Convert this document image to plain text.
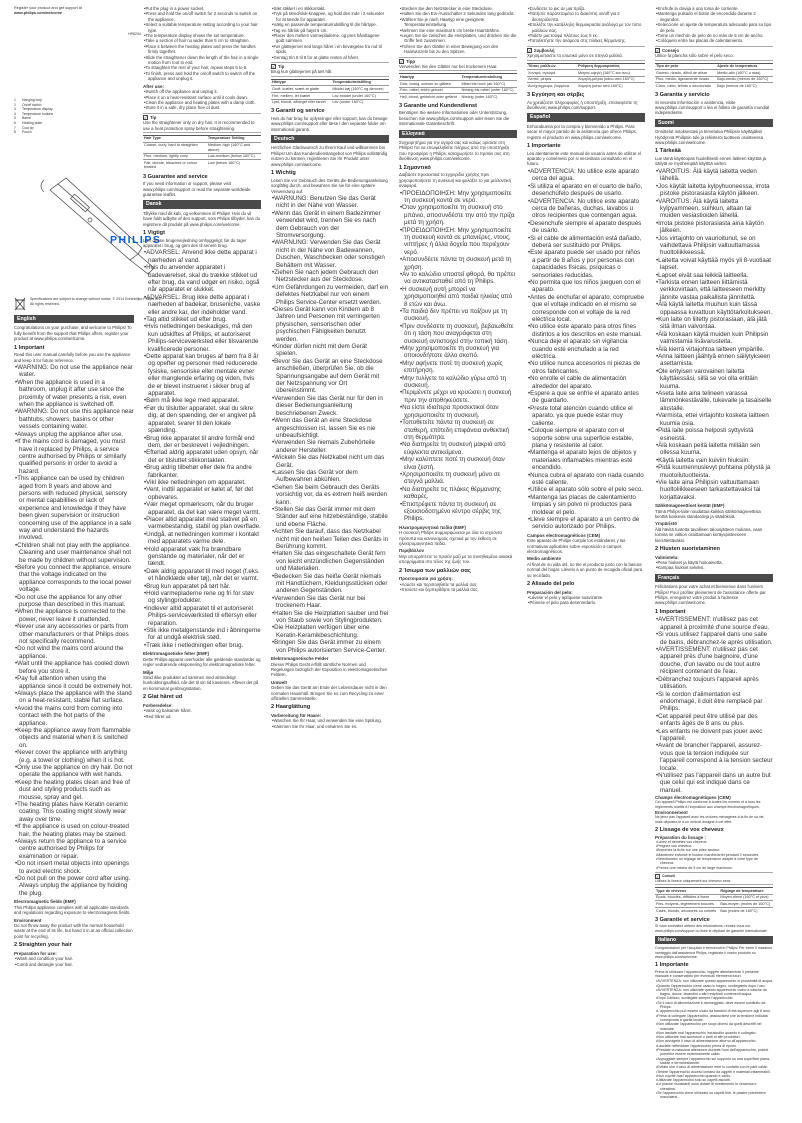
Register your product and get support at
www.philips.com/welcome
HP8234
1	Hanging loop
2	On/off switch
3	Temperature display
4	Temperature buttons
5	Barrel
6	Heating plate
7	Cool tip
8	Pouch
PHILIPS
Specifications are subject to change without notice. © 2014 Koninklijke Philips N.V. All rights reserved.
English
Congratulations on your purchase, and welcome to Philips! To fully benefit from the support that Philips offers, register your product at www.philips.com/welcome.
1 Important
Read this user manual carefully before you use the appliance and keep it for future reference.
• WARNING: Do not use the appliance near water.
• When the appliance is used in a bathroom, unplug it after use since the proximity of water presents a risk, even when the appliance is switched off.
• WARNING: Do not use this appliance near bathtubs, showers, basins or other vessels containing water.
• Always unplug the appliance after use.
• If the mains cord is damaged, you must have it replaced by Philips, a service centre authorised by Philips or similarly qualified persons in order to avoid a hazard.
• This appliance can be used by children aged from 8 years and above and persons with reduced physical, sensory or mental capabilities or lack of experience and knowledge if they have been given supervision or instruction concerning use of the appliance in a safe way and understand the hazards involved.
• Children shall not play with the appliance. Cleaning and user maintenance shall not be made by children without supervision.
• Before you connect the appliance, ensure that the voltage indicated on the appliance corresponds to the local power voltage.
• Do not use the appliance for any other purpose than described in this manual.
• When the appliance is connected to the power, never leave it unattended.
• Never use any accessories or parts from other manufacturers or that Philips does not specifically recommend.
• Do not wind the mains cord around the appliance.
• Wait until the appliance has cooled down before you store it.
• Pay full attention when using the appliance since it could be extremely hot.
• Always place the appliance with the stand on a heat-resistant, stable flat surface.
• Avoid the mains cord from coming into contact with the hot parts of the appliance.
• Keep the appliance away from flammable objects and material when it is switched on.
• Never cover the appliance with anything (e.g. a towel or clothing) when it is hot.
• Only use the appliance on dry hair. Do not operate the appliance with wet hands.
• Keep the heating plates clean and free of dust and styling products such as mousse, spray and gel.
• The heating plates have Keratin ceramic coating. This coating might slowly wear away over time.
• If the appliance is used on colour-treated hair, the heating plates may be stained.
• Always return the appliance to a service centre authorised by Philips for examination or repair.
• Do not insert metal objects into openings to avoid electric shock.
• Do not pull on the power cord after using. Always unplug the appliance by holding the plug.
Electromagnetic fields (EMF)
This Philips appliance complies with all applicable standards and regulations regarding exposure to electromagnetic fields.
Environment
Do not throw away the product with the normal household waste at the end of its life, but hand it in at an official collection point for recycling.
2 Straighten your hair
Preparation for use:
• Wash and condition your hair.
• Comb and detangle your hair.
• Put the plug in a power socket.
• Press and hold the on/off switch for 2 seconds to switch on the appliance.
• Select a suitable temperature setting according to your hair type.
• The temperature display shows the set temperature.
• Take a section of hair no wider than 5 cm to straighten.
• Place it between the heating plates and press the handles firmly together.
• Slide the straightener down the length of the hair in a single motion from root to end.
• To straighten the rest of your hair, repeat steps 5 to 8.
• To finish, press and hold the on/off switch to switch off the appliance and unplug it.
After use:
• Switch off the appliance and unplug it.
• Place it on a heat-resistant surface until it cools down.
• Clean the appliance and heating plates with a damp cloth.
• Store it in a safe, dry place free of dust.
✓ Tip
Use the straightener only on dry hair. It is recommended to use a heat protection spray before straightening.
Hair Type	Temperature Setting
Coarse, curly, hard to straighten	Medium-high (160°C and above)
Fine, medium, lightly curly	Low-medium (below 160°C)
Fair, blonde, bleached or colour treated	Low (below 160°C)
3 Guarantee and service
If you need information or support, please visit www.philips.com/support or read the separate worldwide guarantee leaflet.
Dansk
Tillykke med dit køb, og velkommen til Philips! Hvis du vil have fuldt udbytte af den support, som Philips tilbyder, kan du registrere dit produkt på www.philips.com/welcome.
1 Vigtigt
Læs denne brugervejledning omhyggeligt, før du tager apparatet i brug, og gem den til senere brug.
• ADVARSEL: Anvend ikke dette apparat i nærheden af vand.
• Hvis du anvender apparatet i badeværelset, skal du trække stikket ud efter brug, da vand udgør en risiko, også når apparatet er slukket.
• ADVARSEL: Brug ikke dette apparat i nærheden af badekar, bruseniche, vaske eller andre kar, der indeholder vand.
• Tag altid stikket ud efter brug.
• Hvis netledningen beskadiges, må den kun udskiftes af Philips, et autoriseret Philips-serviceværksted eller tilsvarende kvalificerede personer.
• Dette apparat kan bruges af børn fra 8 år og opefter og personer med reducerede fysiske, sensoriske eller mentale evner eller manglende erfaring og viden, hvis de er blevet instrueret i sikker brug af apparatet.
• Børn må ikke lege med apparatet.
• Før du tilslutter apparatet, skal du sikre dig, at den spænding, der er angivet på apparatet, svarer til den lokale spænding.
• Brug ikke apparatet til andre formål end dem, der er beskrevet i vejledningen.
• Efterlad aldrig apparatet uden opsyn, når det er tilsluttet stikkontakten.
• Brug aldrig tilbehør eller dele fra andre fabrikanter.
• Vikl ikke netledningen om apparatet.
• Vent, indtil apparatet er kølet af, før det opbevares.
• Vær meget opmærksom, når du bruger apparatet, da det kan være meget varmt.
• Placer altid apparatet med stativet på en varmebestandig, stabil og plan overflade.
• Undgå, at netledningen kommer i kontakt med apparatets varme dele.
• Hold apparatet væk fra brændbare genstande og materialer, når det er tændt.
• Dæk aldrig apparatet til med noget (f.eks. et håndklæde eller tøj), når det er varmt.
• Brug kun apparatet på tørt hår.
• Hold varmepladerne rene og fri for støv og stylingprodukter.
• Indlever altid apparatet til et autoriseret Philips-serviceværksted til eftersyn eller reparation.
• Stik ikke metalgenstande ind i åbningerne for at undgå elektrisk stød.
• Træk ikke i netledningen efter brug.
Elektromagnetiske felter (EMF)
Dette Philips-apparat overholder alle gældende standarder og regler vedrørende eksponering for elektromagnetiske felter.
Miljø
Smid ikke produktet ud sammen med almindeligt husholdningsaffald, når det til sin tid kasseres. Aflever det på en kommunal genbrugsstation.
2 Glat håret ud
Forberedelse:
• Vask og balsamér håret.
• Red håret ud.
• Sæt stikket i en stikkontakt.
• Tryk på tænd/sluk-knappen, og hold den inde i 2 sekunder for at tænde for apparatet.
• Vælg en passende temperaturindstilling til din hårtype.
• Tag en hårlok på højst 5 cm.
• Placer den mellem varmepladerne, og pres håndtagene godt sammen.
• Før glattejernet ned langs håret i én bevægelse fra rod til spids.
• Gentag trin 5 til 8 for at glatte resten af håret.
✓ Tip
Brug kun glattejernet på tørt hår.
Hårtype	Temperaturindstilling
Groft, krøllet, svært at glatte	Middel-høj (160°C og derover)
Fint, mellem, let krøllet	Lav-middel (under 160°C)
Lyst, blondt, afbleget eller farvet	Lav (under 160°C)
3 Garanti og service
Hvis du har brug for oplysninger eller support, kan du besøge www.philips.com/support eller læse i den separate folder om international garanti.
Deutsch
Herzlichen Glückwunsch zu Ihrem Kauf und willkommen bei Philips! Um das Kundendienstangebot von Philips vollständig nutzen zu können, registrieren Sie Ihr Produkt unter www.philips.com/welcome.
1 Wichtig
Lesen Sie vor Gebrauch des Geräts die Bedienungsanleitung sorgfältig durch, und bewahren Sie sie für eine spätere Verwendung auf.
• WARNUNG: Benutzen Sie das Gerät nicht in der Nähe von Wasser.
• Wenn das Gerät in einem Badezimmer verwendet wird, trennen Sie es nach dem Gebrauch von der Stromversorgung.
• WARNUNG: Verwenden Sie das Gerät nicht in der Nähe von Badewannen, Duschen, Waschbecken oder sonstigen Behältern mit Wasser.
• Ziehen Sie nach jedem Gebrauch den Netzstecker aus der Steckdose.
• Um Gefährdungen zu vermeiden, darf ein defektes Netzkabel nur von einem Philips Service-Center ersetzt werden.
• Dieses Gerät kann von Kindern ab 8 Jahren und Personen mit verringerten physischen, sensorischen oder psychischen Fähigkeiten benutzt werden.
• Kinder dürfen nicht mit dem Gerät spielen.
• Bevor Sie das Gerät an eine Steckdose anschließen, überprüfen Sie, ob die Spannungsangabe auf dem Gerät mit der Netzspannung vor Ort übereinstimmt.
• Verwenden Sie das Gerät nur für den in dieser Bedienungsanleitung beschriebenen Zweck.
• Wenn das Gerät an eine Steckdose angeschlossen ist, lassen Sie es nie unbeaufsichtigt.
• Verwenden Sie niemals Zubehörteile anderer Hersteller.
• Wickeln Sie das Netzkabel nicht um das Gerät.
• Lassen Sie das Gerät vor dem Aufbewahren abkühlen.
• Gehen Sie beim Gebrauch des Geräts vorsichtig vor, da es extrem heiß werden kann.
• Stellen Sie das Gerät immer mit dem Ständer auf eine hitzebeständige, stabile und ebene Fläche.
• Achten Sie darauf, dass das Netzkabel nicht mit den heißen Teilen des Geräts in Berührung kommt.
• Halten Sie das eingeschaltete Gerät fern von leicht entzündlichen Gegenständen und Materialien.
• Bedecken Sie das heiße Gerät niemals mit Handtüchern, Kleidungsstücken oder anderen Gegenständen.
• Verwenden Sie das Gerät nur bei trockenem Haar.
• Halten Sie die Heizplatten sauber und frei von Staub sowie von Stylingprodukten.
• Die Heizplatten verfügen über eine Keratin-Keramikbeschichtung.
• Bringen Sie das Gerät immer zu einem von Philips autorisierten Service-Center.
Elektromagnetische Felder
Dieses Philips Gerät erfüllt sämtliche Normen und Regelungen bezüglich der Exposition in elektromagnetischen Feldern.
Umwelt
Geben Sie das Gerät am Ende der Lebensdauer nicht in den normalen Hausmüll. Bringen Sie es zum Recycling zu einer offiziellen Sammelstelle.
2 Haarglättung
Vorbereitung für Haare:
• Waschen Sie Ihr Haar, und verwenden Sie eine Spülung.
• Kämmen Sie Ihr Haar, und entwirren Sie es.
• Stecken Sie den Netzstecker in eine Steckdose.
• Halten Sie den Ein-/Ausschalter 2 Sekunden lang gedrückt.
• Wählen Sie je nach Haartyp eine geeignete Temperatureinstellung.
• Nehmen Sie eine maximal 5 cm breite Haarsträhne.
• Legen Sie sie zwischen die Heizplatten, und drücken Sie die Griffe fest zusammen.
• Führen Sie den Glätter in einer Bewegung von den Haarwurzeln bis zu den Spitzen.
✓ Tipp
Verwenden Sie den Glätter nur bei trockenem Haar.
Haartyp	Temperatureinstellung
Dick, lockig, schwer zu glätten	Mittel bis hoch (ab 160°C)
Fein, mittel, leicht gelockt	Niedrig bis mittel (unter 160°C)
Hell, blond, gebleicht oder gefärbt	Niedrig (unter 160°C)
3 Garantie und Kundendienst
Benötigen Sie weitere Informationen oder Unterstützung, besuchen Sie www.philips.com/support oder lesen Sie die internationale Garantieschrift.
Ελληνικά
Συγχαρητήρια για την αγορά σας και καλώς ορίσατε στη Philips! Για να επωφεληθείτε πλήρως από την υποστήριξη που προσφέρει η Philips, καταχωρήστε το προϊόν σας στη διεύθυνση www.philips.com/welcome.
1 Σημαντικό
Διαβάστε προσεκτικά το εγχειρίδιο χρήσης πριν χρησιμοποιήσετε τη συσκευή και φυλάξτε το για μελλοντική αναφορά.
• ΠΡΟΕΙΔΟΠΟΙΗΣΗ: Μην χρησιμοποιείτε τη συσκευή κοντά σε νερό.
• Όταν χρησιμοποιείτε τη συσκευή στο μπάνιο, αποσυνδέστε την από την πρίζα μετά τη χρήση.
• ΠΡΟΕΙΔΟΠΟΙΗΣΗ: Μην χρησιμοποιείτε τη συσκευή κοντά σε μπανιέρες, ντους, νιπτήρες ή άλλα δοχεία που περιέχουν νερό.
• Αποσυνδέετε πάντα τη συσκευή μετά τη χρήση.
• Αν το καλώδιο υποστεί φθορά, θα πρέπει να αντικατασταθεί από τη Philips.
• Η συσκευή αυτή μπορεί να χρησιμοποιηθεί από παιδιά ηλικίας από 8 ετών και άνω.
• Τα παιδιά δεν πρέπει να παίζουν με τη συσκευή.
• Πριν συνδέσετε τη συσκευή, βεβαιωθείτε ότι η τάση που αναγράφεται στη συσκευή αντιστοιχεί στην τοπική τάση.
• Μην χρησιμοποιείτε τη συσκευή για οποιονδήποτε άλλο σκοπό.
• Μην αφήνετε ποτέ τη συσκευή χωρίς επιτήρηση.
• Μην τυλίγετε το καλώδιο γύρω από τη συσκευή.
• Περιμένετε μέχρι να κρυώσει η συσκευή πριν την αποθηκεύσετε.
• Να είστε ιδιαίτερα προσεκτικοί όταν χρησιμοποιείτε τη συσκευή.
• Τοποθετείτε πάντα τη συσκευή σε σταθερή, επίπεδη επιφάνεια ανθεκτική στη θερμότητα.
• Να διατηρείτε τη συσκευή μακριά από εύφλεκτα αντικείμενα.
• Μην καλύπτετε ποτέ τη συσκευή όταν είναι ζεστή.
• Χρησιμοποιείτε τη συσκευή μόνο σε στεγνά μαλλιά.
• Να διατηρείτε τις πλάκες θέρμανσης καθαρές.
• Επιστρέφετε πάντα τη συσκευή σε εξουσιοδοτημένο κέντρο σέρβις της Philips.
Ηλεκτρομαγνητικά πεδία (EMF)
Η συσκευή Philips συμμορφώνεται με όλα τα ισχύοντα πρότυπα και κανονισμούς σχετικά με την έκθεση σε ηλεκτρομαγνητικά πεδία.
Περιβάλλον
Μην απορρίπτετε το προϊόν μαζί με τα συνηθισμένα οικιακά απορρίμματα στο τέλος της ζωής του.
2 Ίσιωμα των μαλλιών σας
Προετοιμασία για χρήση:
• Λούστε και περιποιηθείτε τα μαλλιά σας.
• Χτενίστε και ξεμπερδέψτε τα μαλλιά σας.
• Συνδέστε το φις σε μια πρίζα.
• Πατήστε παρατεταμένα το διακόπτη on/off για 2 δευτερόλεπτα.
• Επιλέξτε την κατάλληλη θερμοκρασία ανάλογα με τον τύπο μαλλιών σας.
• Πιάστε μια τούφα πλάτους έως 5 εκ.
• Τοποθετήστε την ανάμεσα στις πλάκες θέρμανσης.
✓ Συμβουλή
Χρησιμοποιείτε το ισιωτικό μόνο σε στεγνά μαλλιά.
Τύπος μαλλιών	Ρύθμιση θερμοκρασίας
Χοντρά, σγουρά	Μέτρια-υψηλή (160°C και άνω)
Λεπτά, μέτρια	Χαμηλή-μέτρια (κάτω από 160°C)
Ανοιχτόχρωμα, βαμμένα	Χαμηλή (κάτω από 160°C)
3 Εγγύηση και σέρβις
Αν χρειάζεστε πληροφορίες ή υποστήριξη, επισκεφτείτε τη διεύθυνση www.philips.com/support.
Español
Enhorabuena por la compra y bienvenido a Philips. Para sacar el mayor partido de la asistencia que ofrece Philips, registre el producto en www.philips.com/welcome.
1 Importante
Lea atentamente este manual de usuario antes de utilizar el aparato y consérvelo por si necesitara consultarlo en el futuro.
• ADVERTENCIA: No utilice este aparato cerca del agua.
• Si utiliza el aparato en el cuarto de baño, desenchúfelo después de usarlo.
• ADVERTENCIA: No utilice este aparato cerca de bañeras, duchas, lavabos u otros recipientes que contengan agua.
• Desenchufe siempre el aparato después de usarlo.
• Si el cable de alimentación está dañado, deberá ser sustituido por Philips.
• Este aparato puede ser usado por niños a partir de 8 años y por personas con capacidades físicas, psíquicas o sensoriales reducidas.
• No permita que los niños jueguen con el aparato.
• Antes de enchufar el aparato, compruebe que el voltaje indicado en el mismo se corresponde con el voltaje de la red eléctrica local.
• No utilice este aparato para otros fines distintos a los descritos en este manual.
• Nunca deje el aparato sin vigilancia cuando esté enchufado a la red eléctrica.
• No utilice nunca accesorios ni piezas de otros fabricantes.
• No enrolle el cable de alimentación alrededor del aparato.
• Espere a que se enfríe el aparato antes de guardarlo.
• Preste total atención cuando utilice el aparato, ya que puede estar muy caliente.
• Coloque siempre el aparato con el soporte sobre una superficie estable, plana y resistente al calor.
• Mantenga el aparato lejos de objetos y materiales inflamables mientras esté encendido.
• Nunca cubra el aparato con nada cuando esté caliente.
• Utilice el aparato sólo sobre el pelo seco.
• Mantenga las placas de calentamiento limpias y sin polvo ni productos para moldear el pelo.
• Lleve siempre el aparato a un centro de servicio autorizado por Philips.
Campos electromagnéticos (CEM)
Este aparato de Philips cumple los estándares y las normativas aplicables sobre exposición a campos electromagnéticos.
Medio ambiente
Al final de su vida útil, no tire el producto junto con la basura normal del hogar. Llévelo a un punto de recogida oficial para su reciclado.
2 Alisado del pelo
Preparación del pelo:
• Lávese el pelo y aplíquese suavizante.
• Péinese el pelo para desenredarlo.
• Enchufe la clavija a una toma de corriente.
• Mantenga pulsado el botón de encendido durante 2 segundos.
• Seleccione un ajuste de temperatura adecuado para su tipo de pelo.
• Tome un mechón de pelo de no más de 5 cm de ancho.
• Colóquelo entre las placas de calentamiento.
✓ Consejo
Utilice la plancha sólo sobre el pelo seco.
Tipo de pelo	Ajuste de temperatura
Grueso, rizado, difícil de alisar	Medio-alto (160°C o más)
Fino, medio, ligeramente rizado	Bajo-medio (menos de 160°C)
Claro, rubio, teñido o decolorado	Bajo (menos de 160°C)
3 Garantía y servicio
Si necesita información o asistencia, visite www.philips.com/support o lea el folleto de garantía mundial independiente.
Suomi
Onnittelut ostoksestasi ja tervetuloa Philipsin käyttäjäksi! Hyödynnä Philipsin tuki ja rekisteröi tuotteesi osoitteessa www.philips.com/welcome.
1 Tärkeää
Lue tämä käyttöopas huolellisesti ennen laitteen käyttöä ja säilytä se myöhempää käyttöä varten.
• VAROITUS: Älä käytä laitetta veden lähellä.
• Jos käytät laitetta kylpyhuoneessa, irrota pistoke pistorasiasta käytön jälkeen.
• VAROITUS: Älä käytä laitetta kylpyammeen, suihkun, altaan tai muiden vesiastioiden lähellä.
• Irrota pistoke pistorasiasta aina käytön jälkeen.
• Jos virtajohto on vaurioitunut, se on vaihdettava Philipsin valtuuttamassa huoltoliikkeessä.
• Laitetta voivat käyttää myös yli 8-vuotiaat lapset.
• Lapset eivät saa leikkiä laitteella.
• Tarkista ennen laitteen liittämistä verkkovirtaan, että laitteeseen merkitty jännite vastaa paikallista jännitettä.
• Älä käytä laitetta muuhun kuin tässä oppaassa kuvattuun käyttötarkoitukseen.
• Kun laite on liitetty pistorasiaan, älä jätä sitä ilman valvontaa.
• Älä koskaan käytä muiden kuin Philipsin valmistamia lisävarusteita.
• Älä kierrä virtajohtoa laitteen ympärille.
• Anna laitteen jäähtyä ennen säilytykseen asettamista.
• Ole erityisen varovainen laitetta käyttäessäsi, sillä se voi olla erittäin kuuma.
• Aseta laite aina telineen varassa lämmönkestävälle, tukevalle ja tasaiselle alustalle.
• Varmista, ettei virtajohto kosketa laitteen kuumia osia.
• Pidä laite poissa helposti syttyvistä esineistä.
• Älä koskaan peitä laitetta millään sen ollessa kuuma.
• Käytä laitetta vain kuiviin hiuksiin.
• Pidä kuumennuslevyt puhtaina pölystä ja muotoilutuotteista.
• Vie laite aina Philipsin valtuuttamaan huoltoliikkeeseen tarkastettavaksi tai korjattavaksi.
Sähkömagneettiset kentät (EMF)
Tämä Philips-laite noudattaa kaikkia sähkömagneettisia kenttiä koskevia standardeja ja säädöksiä.
Ympäristö
Älä hävitä tuotetta tavallisen talousjätteen mukana, vaan toimita se valtion osoittamaan keräyspisteeseen kierrätettäväksi.
2 Hiusten suoristaminen
Valmistelu:
• Pese hiukset ja käytä hoitoainetta.
• Kampaa hiukset selviksi.
Français
Félicitations pour votre achat et bienvenue dans l'univers Philips! Pour profiter pleinement de l'assistance offerte par Philips, enregistrez votre produit à l'adresse www.philips.com/welcome.
1 Important
• AVERTISSEMENT: n'utilisez pas cet appareil à proximité d'une source d'eau.
• Si vous utilisez l'appareil dans une salle de bains, débranchez-le après utilisation.
• AVERTISSEMENT: n'utilisez pas cet appareil près d'une baignoire, d'une douche, d'un lavabo ou de tout autre récipient contenant de l'eau.
• Débranchez toujours l'appareil après utilisation.
• Si le cordon d'alimentation est endommagé, il doit être remplacé par Philips.
• Cet appareil peut être utilisé par des enfants âgés de 8 ans ou plus.
• Les enfants ne doivent pas jouer avec l'appareil.
• Avant de brancher l'appareil, assurez-vous que la tension indiquée sur l'appareil correspond à la tension secteur locale.
• N'utilisez pas l'appareil dans un autre but que celui qui est indiqué dans ce manuel.
Champs électromagnétiques (CEM)
Cet appareil Philips est conforme à toutes les normes et à tous les règlements relatifs à l'exposition aux champs électromagnétiques.
Environnement
Ne jetez pas l'appareil avec les ordures ménagères à la fin de sa vie, mais déposez-le à un endroit assigné à cet effet.
2 Lissage de vos cheveux
Préparation du lissage :
• Lavez et démêlez vos cheveux.
• Peignez vos cheveux.
• Branchez la fiche sur une prise secteur.
• Maintenez enfoncé le bouton marche/arrêt pendant 2 secondes.
• Sélectionnez un réglage de température adapté à votre type de cheveux.
• Prenez une mèche de 5 cm de large maximum.
✓ Conseil
Utilisez le lisseur uniquement sur cheveux secs.
Type de cheveux	Réglage de température
Épais, bouclés, difficiles à lisser	Moyen-élevé (160°C et plus)
Fins, moyens, légèrement bouclés	Bas-moyen (moins de 160°C)
Clairs, blonds, décolorés ou colorés	Bas (moins de 160°C)
3 Garantie et service
Si vous souhaitez obtenir des informations, rendez-vous sur www.philips.com/support ou lisez le dépliant de garantie internationale.
Italiano
Congratulazioni per l'acquisto e benvenuti in Philips! Per trarre il massimo vantaggio dall'assistenza Philips, registrate il vostro prodotto su www.philips.com/welcome.
1 Importante
Prima di utilizzare l'apparecchio, leggete attentamente il presente manuale e conservatelo per eventuali riferimenti futuri.
• AVVERTENZA: non utilizzate questo apparecchio in prossimità di acqua.
• Quando l'apparecchio viene usato in bagno, scollegatelo dopo l'uso.
• AVVERTENZA: non utilizzate questo apparecchio vicino a vasche da bagno, docce, lavandini o altri recipienti contenenti acqua.
• Dopo l'utilizzo, scollegate sempre l'apparecchio.
• Se il cavo di alimentazione è danneggiato, deve essere sostituito da Philips.
• L'apparecchio può essere usato da bambini di età superiore agli 8 anni.
• Prima di collegare l'apparecchio, assicuratevi che la tensione indicata corrisponda a quella locale.
• Non utilizzate l'apparecchio per scopi diversi da quelli descritti nel manuale.
• Non lasciate mai l'apparecchio incustodito quando è collegato.
• Non utilizzate mai accessori o parti di altri produttori.
• Non avvolgete il cavo di alimentazione attorno all'apparecchio.
• Lasciate raffreddare l'apparecchio prima di riporlo.
• Prestate la massima attenzione durante l'uso dell'apparecchio, poiché potrebbe essere estremamente caldo.
• Appoggiate sempre l'apparecchio sul supporto su una superficie piana, stabile e termoresistente.
• Evitate che il cavo di alimentazione entri in contatto con le parti calde.
• Tenete l'apparecchio acceso lontano da oggetti e materiali infiammabili.
• Non coprite mai l'apparecchio quando è caldo.
• Utilizzate l'apparecchio solo su capelli asciutti.
• Le piastre riscaldanti sono dotate di rivestimento in ceramica e cheratina.
• Se l'apparecchio viene utilizzato su capelli tinti, le piastre potrebbero macchiarsi.
